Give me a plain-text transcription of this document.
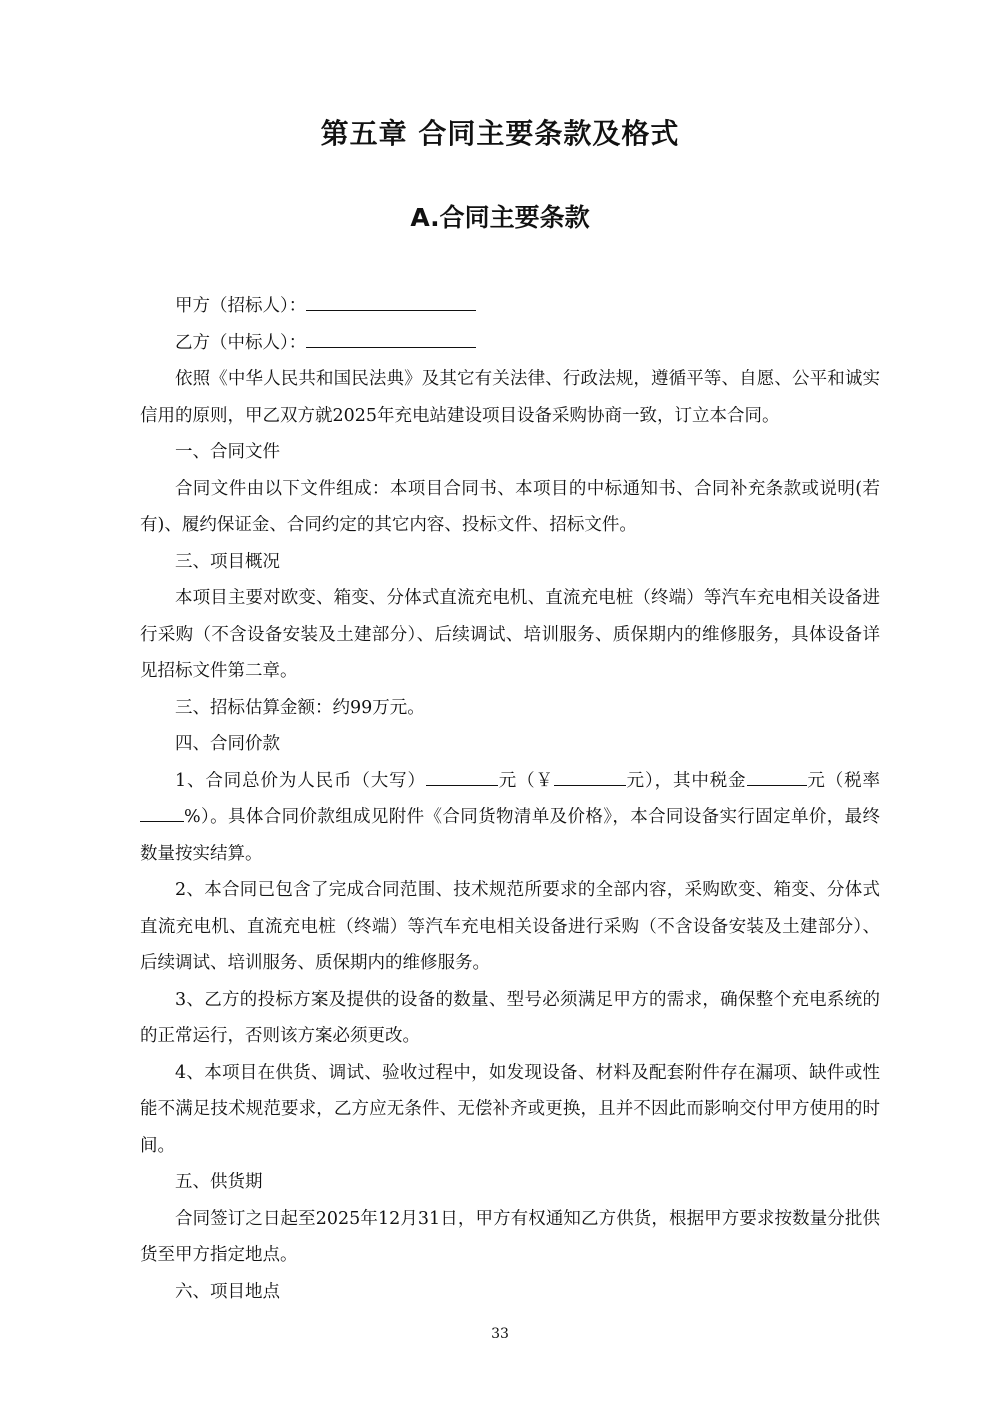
第五章 合同主要条款及格式
A.合同主要条款

甲方（招标人）：

乙方（中标人）：

依照《中华人民共和国民法典》及其它有关法律、行政法规，遵循平等、自愿、公平和诚实信用的原则，甲乙双方就2025年充电站建设项目设备采购协商一致，订立本合同。

一、合同文件

合同文件由以下文件组成：本项目合同书、本项目的中标通知书、合同补充条款或说明(若有)、履约保证金、合同约定的其它内容、投标文件、招标文件。

三、项目概况

本项目主要对欧变、箱变、分体式直流充电机、直流充电桩（终端）等汽车充电相关设备进行采购（不含设备安装及土建部分）、后续调试、培训服务、质保期内的维修服务，具体设备详见招标文件第二章。

三、招标估算金额：约99万元。

四、合同价款

1、合同总价为人民币（大写）	元（￥	元），其中税金	元（税率%）。具体合同价款组成见附件《合同货物清单及价格》，本合同设备实行固定单价，最终数量按实结算。

2、本合同已包含了完成合同范围、技术规范所要求的全部内容，采购欧变、箱变、分体式直流充电机、直流充电桩（终端）等汽车充电相关设备进行采购（不含设备安装及土建部分）、后续调试、培训服务、质保期内的维修服务。

3、乙方的投标方案及提供的设备的数量、型号必须满足甲方的需求，确保整个充电系统的的正常运行，否则该方案必须更改。

4、本项目在供货、调试、验收过程中，如发现设备、材料及配套附件存在漏项、缺件或性能不满足技术规范要求，乙方应无条件、无偿补齐或更换，且并不因此而影响交付甲方使用的时间。

五、供货期

合同签订之日起至2025年12月31日，甲方有权通知乙方供货，根据甲方要求按数量分批供货至甲方指定地点。

六、项目地点

33
